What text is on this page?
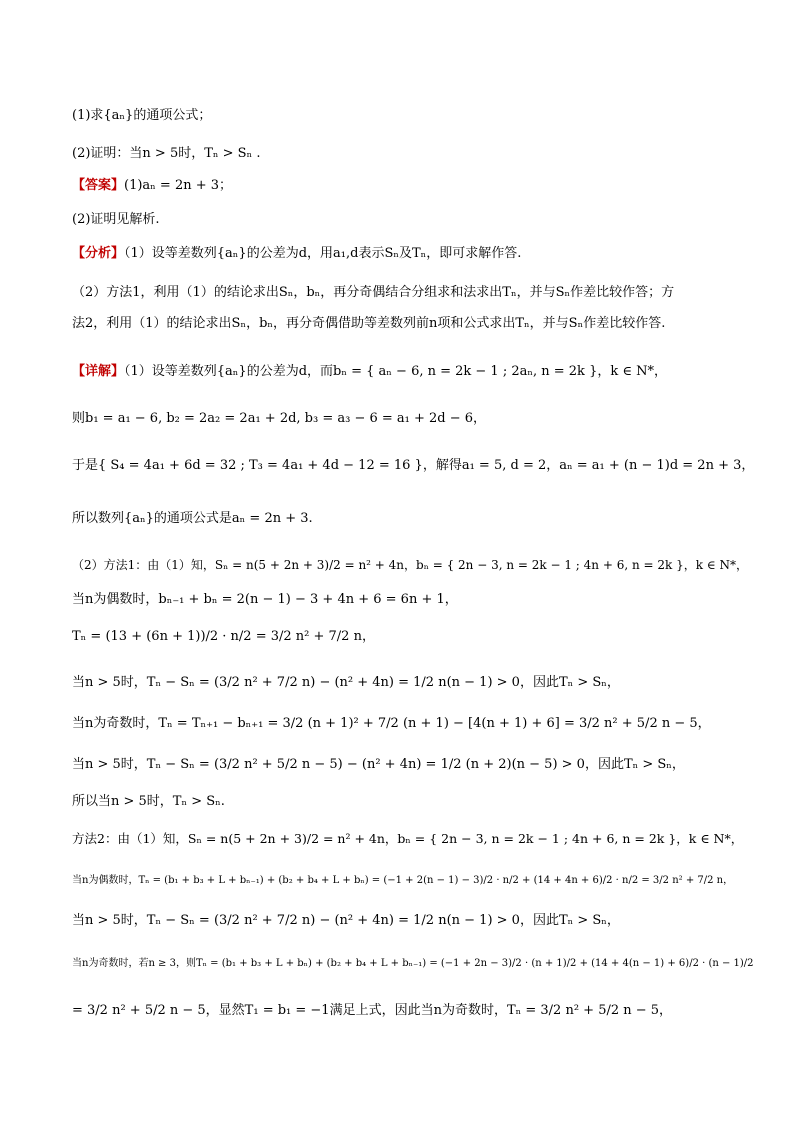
(1)求{aₙ}的通项公式；
(2)证明：当n > 5时，Tₙ > Sₙ .
【答案】(1)aₙ = 2n + 3；
(2)证明见解析.
【分析】（1）设等差数列{aₙ}的公差为d，用a₁,d表示Sₙ及Tₙ，即可求解作答.
（2）方法1，利用（1）的结论求出Sₙ，bₙ，再分奇偶结合分组求和法求出Tₙ，并与Sₙ作差比较作答；方
法2，利用（1）的结论求出Sₙ，bₙ，再分奇偶借助等差数列前n项和公式求出Tₙ，并与Sₙ作差比较作答.
【详解】（1）设等差数列{aₙ}的公差为d，而bₙ = { aₙ − 6, n = 2k − 1 ; 2aₙ, n = 2k }，k ∈ N*，
则b₁ = a₁ − 6, b₂ = 2a₂ = 2a₁ + 2d, b₃ = a₃ − 6 = a₁ + 2d − 6，
于是{ S₄ = 4a₁ + 6d = 32 ; T₃ = 4a₁ + 4d − 12 = 16 }，解得a₁ = 5, d = 2，aₙ = a₁ + (n − 1)d = 2n + 3，
所以数列{aₙ}的通项公式是aₙ = 2n + 3.
（2）方法1：由（1）知，Sₙ = n(5 + 2n + 3)/2 = n² + 4n，bₙ = { 2n − 3, n = 2k − 1 ; 4n + 6, n = 2k }，k ∈ N*，
当n为偶数时，bₙ₋₁ + bₙ = 2(n − 1) − 3 + 4n + 6 = 6n + 1，
Tₙ = (13 + (6n + 1))/2 · n/2 = 3/2 n² + 7/2 n，
当n > 5时，Tₙ − Sₙ = (3/2 n² + 7/2 n) − (n² + 4n) = 1/2 n(n − 1) > 0，因此Tₙ > Sₙ，
当n为奇数时，Tₙ = Tₙ₊₁ − bₙ₊₁ = 3/2 (n + 1)² + 7/2 (n + 1) − [4(n + 1) + 6] = 3/2 n² + 5/2 n − 5，
当n > 5时，Tₙ − Sₙ = (3/2 n² + 5/2 n − 5) − (n² + 4n) = 1/2 (n + 2)(n − 5) > 0，因此Tₙ > Sₙ，
所以当n > 5时，Tₙ > Sₙ.
方法2：由（1）知，Sₙ = n(5 + 2n + 3)/2 = n² + 4n，bₙ = { 2n − 3, n = 2k − 1 ; 4n + 6, n = 2k }，k ∈ N*，
当n为偶数时，Tₙ = (b₁ + b₃ + L + bₙ₋₁) + (b₂ + b₄ + L + bₙ) = (−1 + 2(n − 1) − 3)/2 · n/2 + (14 + 4n + 6)/2 · n/2 = 3/2 n² + 7/2 n，
当n > 5时，Tₙ − Sₙ = (3/2 n² + 7/2 n) − (n² + 4n) = 1/2 n(n − 1) > 0，因此Tₙ > Sₙ，
当n为奇数时，若n ≥ 3，则Tₙ = (b₁ + b₃ + L + bₙ) + (b₂ + b₄ + L + bₙ₋₁) = (−1 + 2n − 3)/2 · (n + 1)/2 + (14 + 4(n − 1) + 6)/2 · (n − 1)/2
= 3/2 n² + 5/2 n − 5，显然T₁ = b₁ = −1满足上式，因此当n为奇数时，Tₙ = 3/2 n² + 5/2 n − 5，
